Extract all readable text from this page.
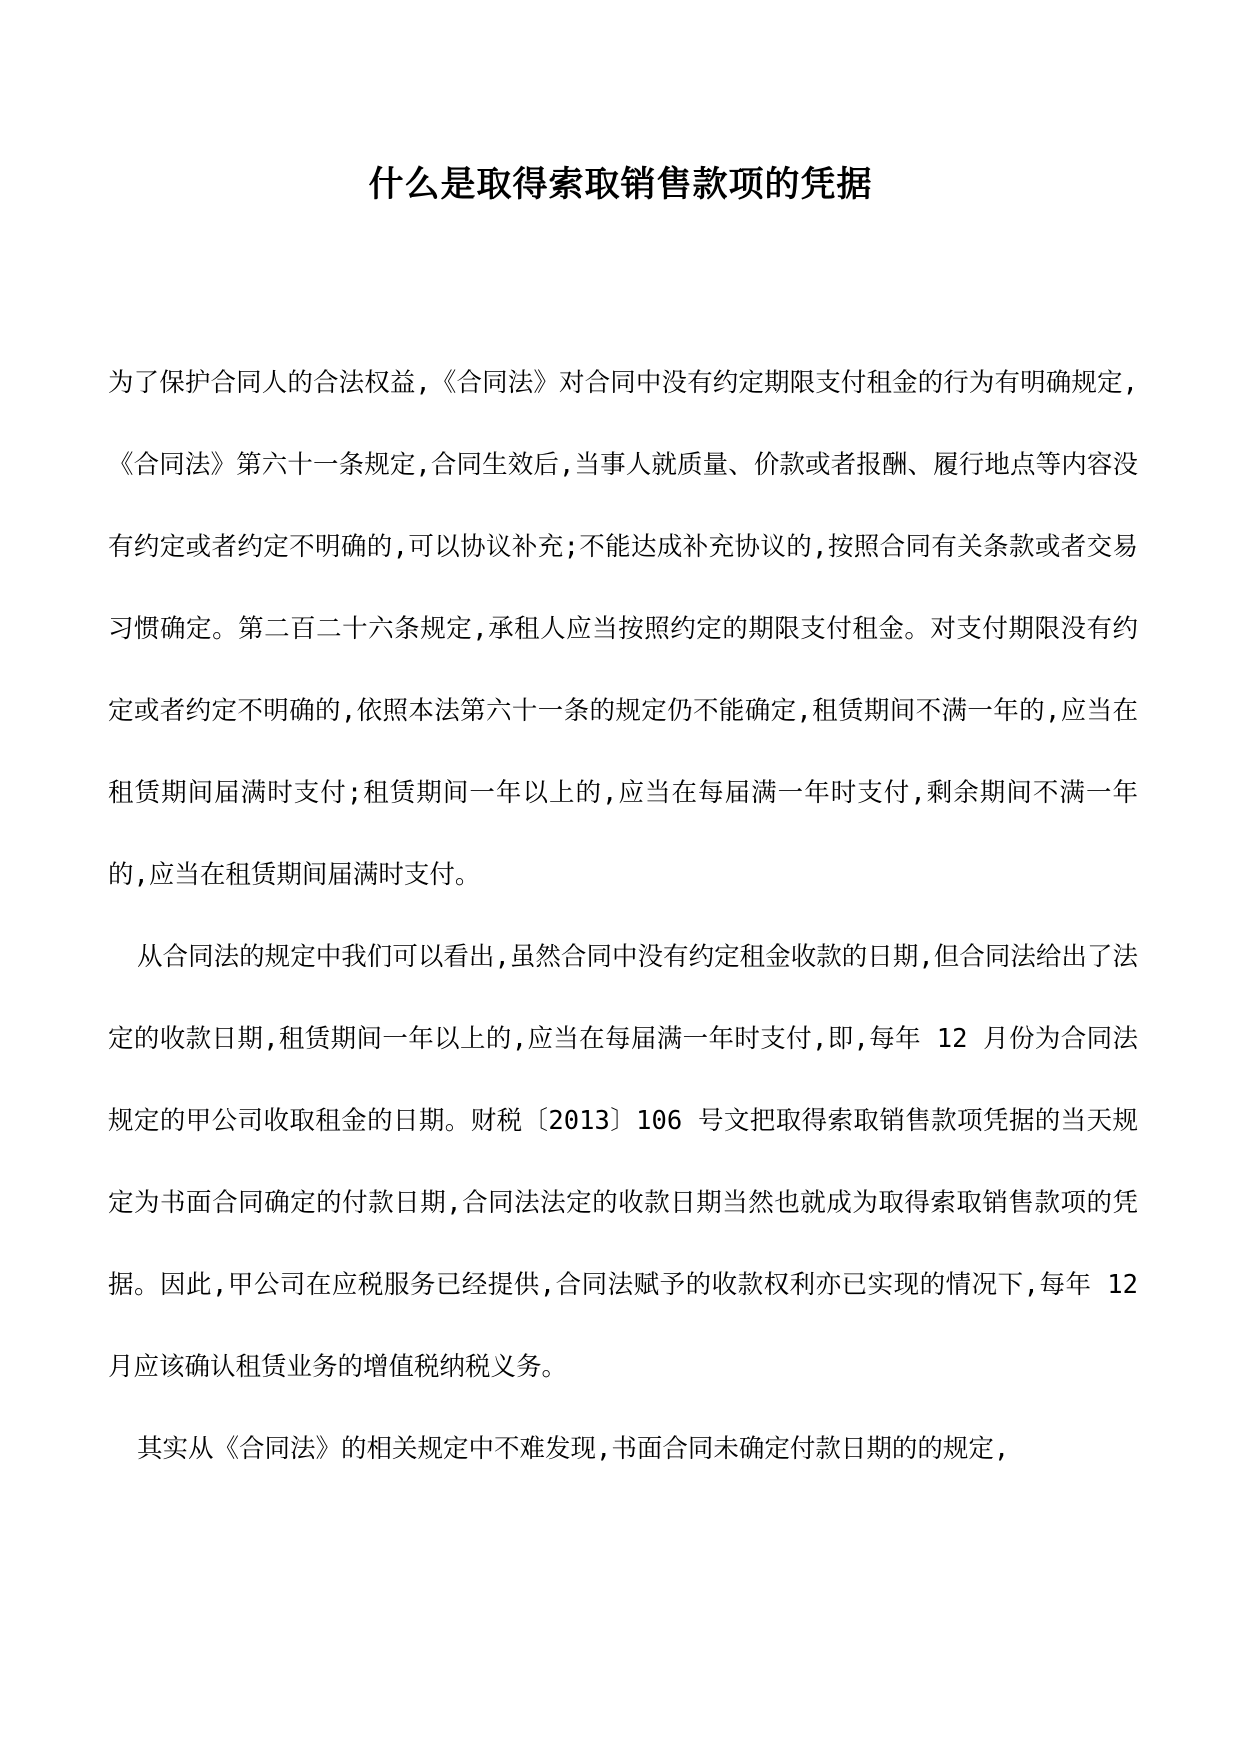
什么是取得索取销售款项的凭据

为了保护合同人的合法权益,《合同法》对合同中没有约定期限支付租金的行为有明确规定,《合同法》第六十一条规定,合同生效后,当事人就质量、价款或者报酬、履行地点等内容没有约定或者约定不明确的,可以协议补充;不能达成补充协议的,按照合同有关条款或者交易习惯确定。第二百二十六条规定,承租人应当按照约定的期限支付租金。对支付期限没有约定或者约定不明确的,依照本法第六十一条的规定仍不能确定,租赁期间不满一年的,应当在租赁期间届满时支付;租赁期间一年以上的,应当在每届满一年时支付,剩余期间不满一年的,应当在租赁期间届满时支付。

从合同法的规定中我们可以看出,虽然合同中没有约定租金收款的日期,但合同法给出了法定的收款日期,租赁期间一年以上的,应当在每届满一年时支付,即,每年 12 月份为合同法规定的甲公司收取租金的日期。财税〔2013〕106 号文把取得索取销售款项凭据的当天规定为书面合同确定的付款日期,合同法法定的收款日期当然也就成为取得索取销售款项的凭据。因此,甲公司在应税服务已经提供,合同法赋予的收款权利亦已实现的情况下,每年 12 月应该确认租赁业务的增值税纳税义务。

其实从《合同法》的相关规定中不难发现,书面合同未确定付款日期的的规定,
